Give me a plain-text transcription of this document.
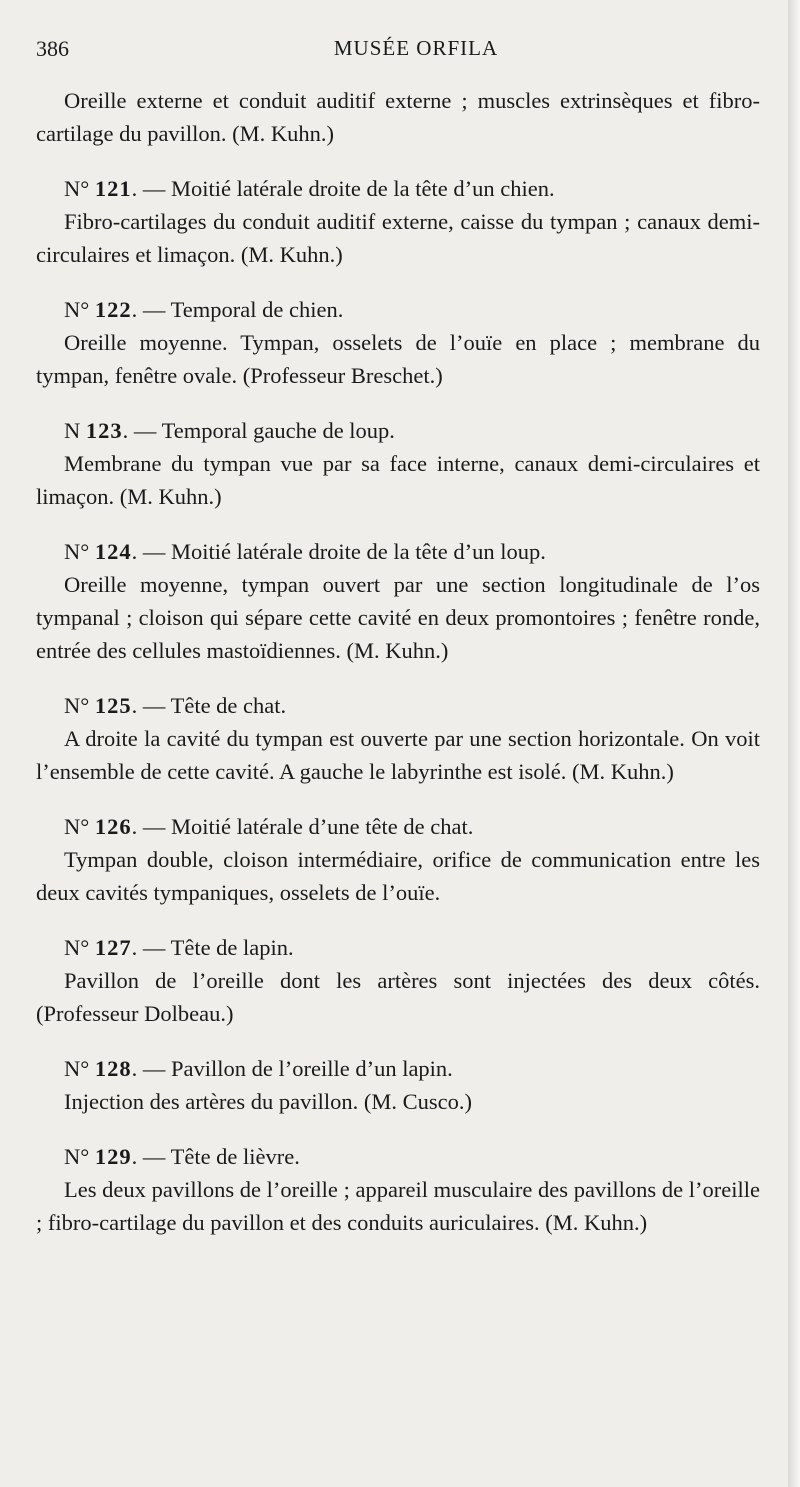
386	MUSÉE ORFILA

Oreille externe et conduit auditif externe ; muscles extrinsèques et fibro-cartilage du pavillon. (M. Kuhn.)

N° 121. — Moitié latérale droite de la tête d’un chien.

Fibro-cartilages du conduit auditif externe, caisse du tympan ; canaux demi-circulaires et limaçon. (M. Kuhn.)

N° 122. — Temporal de chien.

Oreille moyenne. Tympan, osselets de l’ouïe en place ; membrane du tympan, fenêtre ovale. (Professeur Breschet.)

N 123. — Temporal gauche de loup.

Membrane du tympan vue par sa face interne, canaux demi-circulaires et limaçon. (M. Kuhn.)

N° 124. — Moitié latérale droite de la tête d’un loup.

Oreille moyenne, tympan ouvert par une section longitudinale de l’os tympanal ; cloison qui sépare cette cavité en deux promontoires ; fenêtre ronde, entrée des cellules mastoïdiennes. (M. Kuhn.)

N° 125. — Tête de chat.

A droite la cavité du tympan est ouverte par une section horizontale. On voit l’ensemble de cette cavité. A gauche le labyrinthe est isolé. (M. Kuhn.)

N° 126. — Moitié latérale d’une tête de chat.

Tympan double, cloison intermédiaire, orifice de communication entre les deux cavités tympaniques, osselets de l’ouïe.

N° 127. — Tête de lapin.

Pavillon de l’oreille dont les artères sont injectées des deux côtés. (Professeur Dolbeau.)

N° 128. — Pavillon de l’oreille d’un lapin.

Injection des artères du pavillon. (M. Cusco.)

N° 129. — Tête de lièvre.

Les deux pavillons de l’oreille ; appareil musculaire des pavillons de l’oreille ; fibro-cartilage du pavillon et des conduits auriculaires. (M. Kuhn.)
